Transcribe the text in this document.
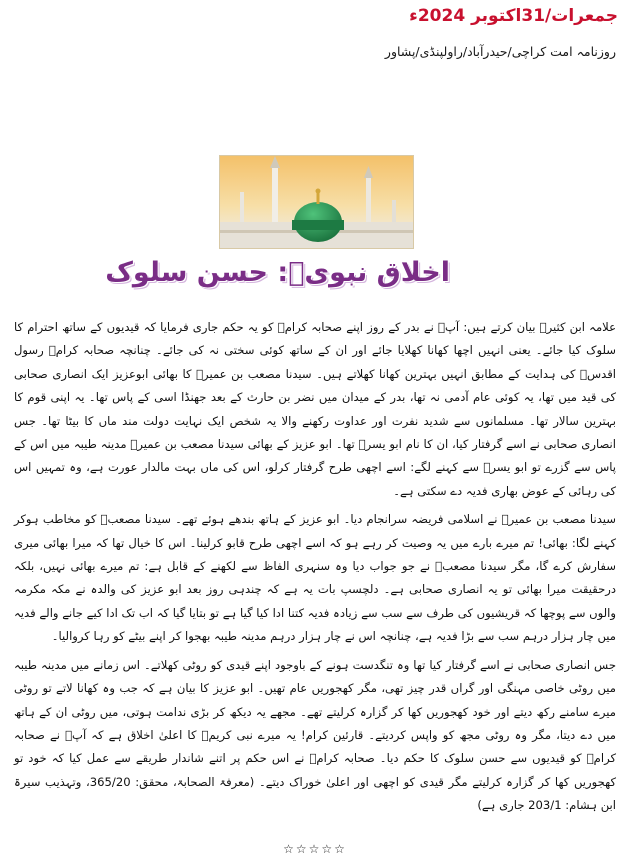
جمعرات/31اکتوبر 2024ء
روزنامہ امت کراچی/حیدرآباد/راولپنڈی/پشاور
اخلاق نبویؐ: حسن سلوک

علامہ ابن کثیرؒ بیان کرتے ہیں: آپؐ نے بدر کے روز اپنے صحابہ کرامؓ کو یہ حکم جاری فرمایا کہ قیدیوں کے ساتھ احترام کا سلوک کیا جائے۔ یعنی انہیں اچھا کھانا کھلایا جائے اور ان کے ساتھ کوئی سختی نہ کی جائے۔ چنانچہ صحابہ کرامؓ رسول اقدسؐ کی ہدایت کے مطابق انہیں بہترین کھانا کھلاتے ہیں۔ سیدنا مصعب بن عمیرؓ کا بھائی ابوعزیز ایک انصاری صحابی کی قید میں تھا، یہ کوئی عام آدمی نہ تھا، بدر کے میدان میں نضر بن حارث کے بعد جھنڈا اسی کے پاس تھا۔ یہ اپنی قوم کا بہترین سالار تھا۔ مسلمانوں سے شدید نفرت اور عداوت رکھنے والا یہ شخص ایک نہایت دولت مند ماں کا بیٹا تھا۔ جس انصاری صحابی نے اسے گرفتار کیا، ان کا نام ابو یسرؓ تھا۔ ابو عزیز کے بھائی سیدنا مصعب بن عمیرؓ مدینہ طیبہ میں اس کے پاس سے گزرے تو ابو یسرؓ سے کہنے لگے: اسے اچھی طرح گرفتار کرلو، اس کی ماں بہت مالدار عورت ہے، وہ تمہیں اس کی رہائی کے عوض بھاری فدیہ دے سکتی ہے۔

سیدنا مصعب بن عمیرؓ نے اسلامی فریضہ سرانجام دیا۔ ابو عزیز کے ہاتھ بندھے ہوئے تھے۔ سیدنا مصعبؓ کو مخاطب ہوکر کہنے لگا: بھائی! تم میرے بارے میں یہ وصیت کر رہے ہو کہ اسے اچھی طرح قابو کرلینا۔ اس کا خیال تھا کہ میرا بھائی میری سفارش کرے گا، مگر سیدنا مصعبؓ نے جو جواب دیا وہ سنہری الفاظ سے لکھنے کے قابل ہے: تم میرے بھائی نہیں، بلکہ درحقیقت میرا بھائی تو یہ انصاری صحابی ہے۔ دلچسپ بات یہ ہے کہ چندہی روز بعد ابو عزیز کی والدہ نے مکہ مکرمہ والوں سے پوچھا کہ قریشیوں کی طرف سے سب سے زیادہ فدیہ کتنا ادا کیا گیا ہے تو بتایا گیا کہ اب تک ادا کیے جانے والے فدیہ میں چار ہزار درہم سب سے بڑا فدیہ ہے، چنانچہ اس نے چار ہزار درہم مدینہ طیبہ بھجوا کر اپنے بیٹے کو رہا کروالیا۔

جس انصاری صحابی نے اسے گرفتار کیا تھا وہ تنگدست ہونے کے باوجود اپنے قیدی کو روٹی کھلاتے۔ اس زمانے میں مدینہ طیبہ میں روٹی خاصی مہنگی اور گراں قدر چیز تھی، مگر کھجوریں عام تھیں۔ ابو عزیز کا بیان ہے کہ جب وہ کھانا لاتے تو روٹی میرے سامنے رکھ دیتے اور خود کھجوریں کھا کر گزارہ کرلیتے تھے۔ مجھے یہ دیکھ کر بڑی ندامت ہوتی، میں روٹی ان کے ہاتھ میں دے دیتا، مگر وہ روٹی مجھ کو واپس کردیتے۔ قارئین کرام! یہ میرے نبی کریمؐ کا اعلیٰ اخلاق ہے کہ آپؐ نے صحابہ کرامؓ کو قیدیوں سے حسن سلوک کا حکم دیا۔ صحابہ کرامؓ نے اس حکم پر اتنے شاندار طریقے سے عمل کیا کہ خود تو کھجوریں کھا کر گزارہ کرلیتے مگر قیدی کو اچھی اور اعلیٰ خوراک دیتے۔ (معرفۃ الصحابۃ، محقق: 365/20، وتہذیب سیرۃ ابن ہشام: 203/1 جاری ہے)

☆☆☆☆☆
